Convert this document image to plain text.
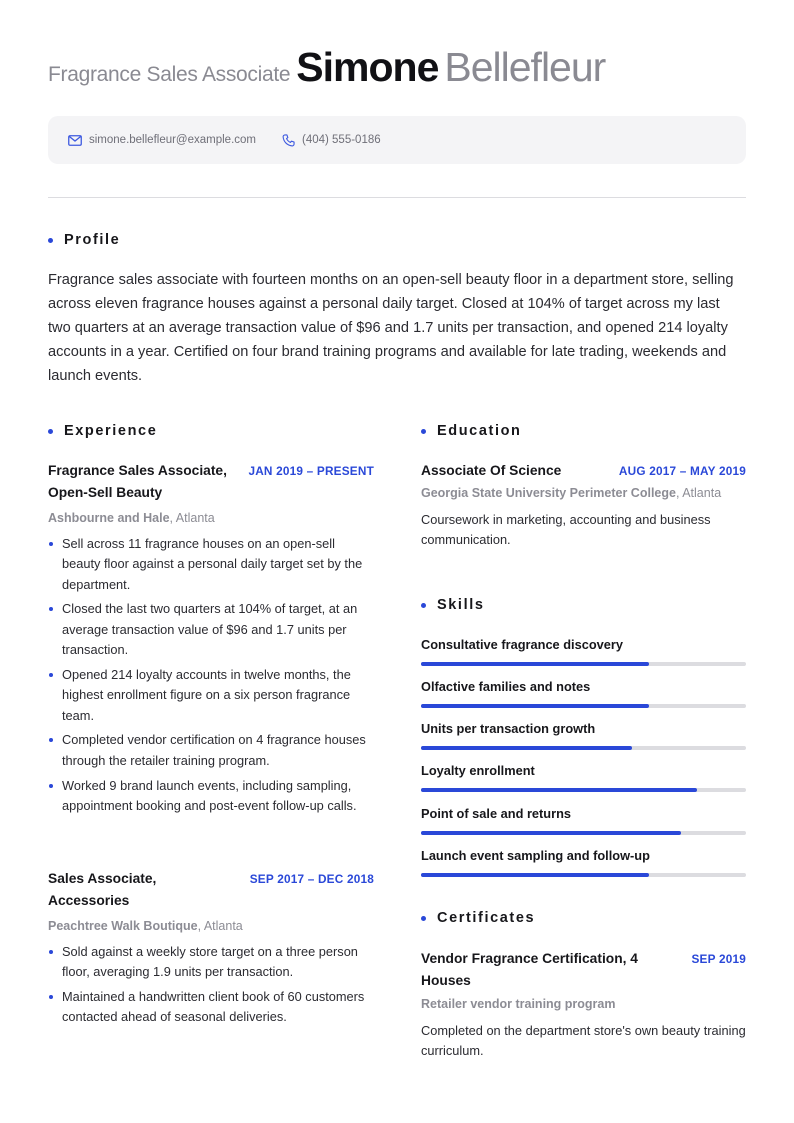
Fragrance Sales Associate Simone Bellefleur
simone.bellefleur@example.com	(404) 555-0186
Profile

Fragrance sales associate with fourteen months on an open-sell beauty floor in a department store, selling across eleven fragrance houses against a personal daily target. Closed at 104% of target across my last two quarters at an average transaction value of $96 and 1.7 units per transaction, and opened 214 loyalty accounts in a year. Certified on four brand training programs and available for late trading, weekends and launch events.

Experience
Fragrance Sales Associate, Open-Sell Beauty
JAN 2019 – PRESENT
Ashbourne and Hale, Atlanta
Sell across 11 fragrance houses on an open-sell beauty floor against a personal daily target set by the department.
Closed the last two quarters at 104% of target, at an average transaction value of $96 and 1.7 units per transaction.
Opened 214 loyalty accounts in twelve months, the highest enrollment figure on a six person fragrance team.
Completed vendor certification on 4 fragrance houses through the retailer training program.
Worked 9 brand launch events, including sampling, appointment booking and post-event follow-up calls.
Sales Associate, Accessories
SEP 2017 – DEC 2018
Peachtree Walk Boutique, Atlanta
Sold against a weekly store target on a three person floor, averaging 1.9 units per transaction.
Maintained a handwritten client book of 60 customers contacted ahead of seasonal deliveries.
Education
Associate Of Science	AUG 2017 – MAY 2019
Georgia State University Perimeter College, Atlanta
Coursework in marketing, accounting and business communication.
Skills
Consultative fragrance discovery
Olfactive families and notes
Units per transaction growth
Loyalty enrollment
Point of sale and returns
Launch event sampling and follow-up
Certificates
Vendor Fragrance Certification, 4 Houses
SEP 2019
Retailer vendor training program
Completed on the department store's own beauty training curriculum.
